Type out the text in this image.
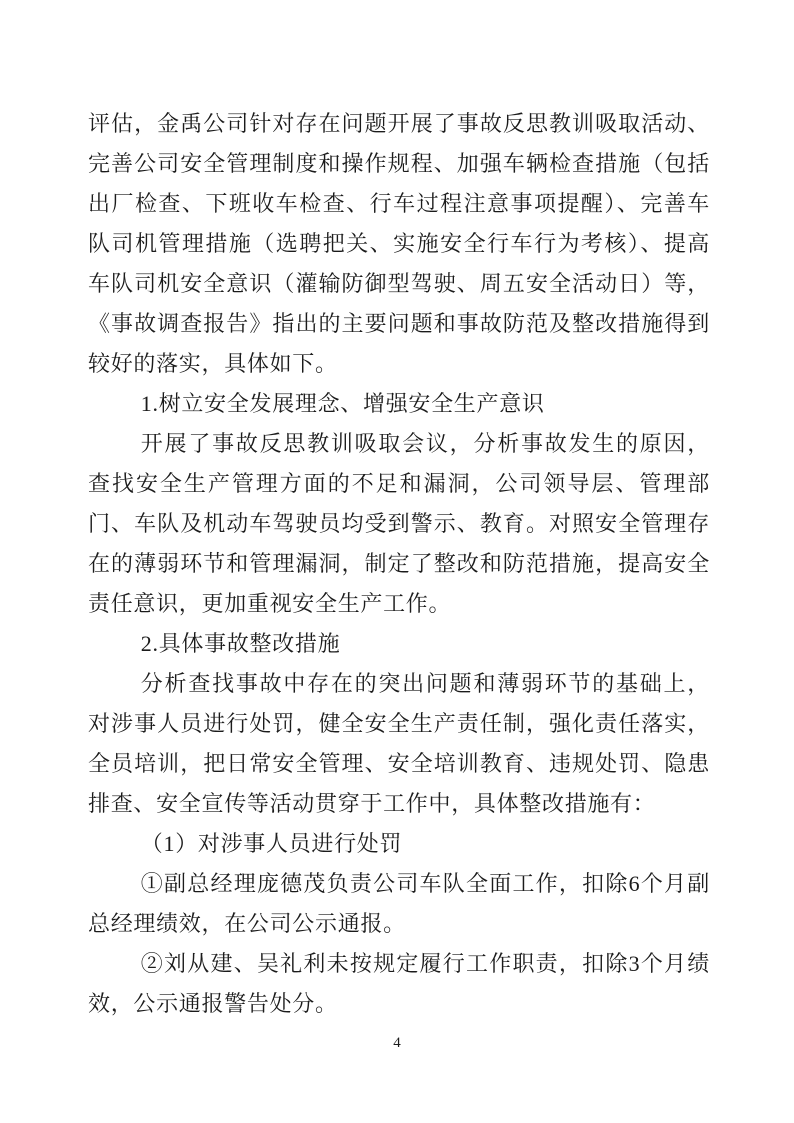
评估，金禹公司针对存在问题开展了事故反思教训吸取活动、
完善公司安全管理制度和操作规程、加强车辆检查措施（包括
出厂检查、下班收车检查、行车过程注意事项提醒）、完善车
队司机管理措施（选聘把关、实施安全行车行为考核）、提高
车队司机安全意识（灌输防御型驾驶、周五安全活动日）等，
《事故调查报告》指出的主要问题和事故防范及整改措施得到
较好的落实，具体如下。
1.树立安全发展理念、增强安全生产意识
开展了事故反思教训吸取会议，分析事故发生的原因，
查找安全生产管理方面的不足和漏洞，公司领导层、管理部
门、车队及机动车驾驶员均受到警示、教育。对照安全管理存
在的薄弱环节和管理漏洞，制定了整改和防范措施，提高安全
责任意识，更加重视安全生产工作。
2.具体事故整改措施
分析查找事故中存在的突出问题和薄弱环节的基础上，
对涉事人员进行处罚，健全安全生产责任制，强化责任落实，
全员培训，把日常安全管理、安全培训教育、违规处罚、隐患
排查、安全宣传等活动贯穿于工作中，具体整改措施有：
（1）对涉事人员进行处罚
①副总经理庞德茂负责公司车队全面工作，扣除6个月副
总经理绩效，在公司公示通报。
②刘从建、吴礼利未按规定履行工作职责，扣除3个月绩
效，公示通报警告处分。
4
